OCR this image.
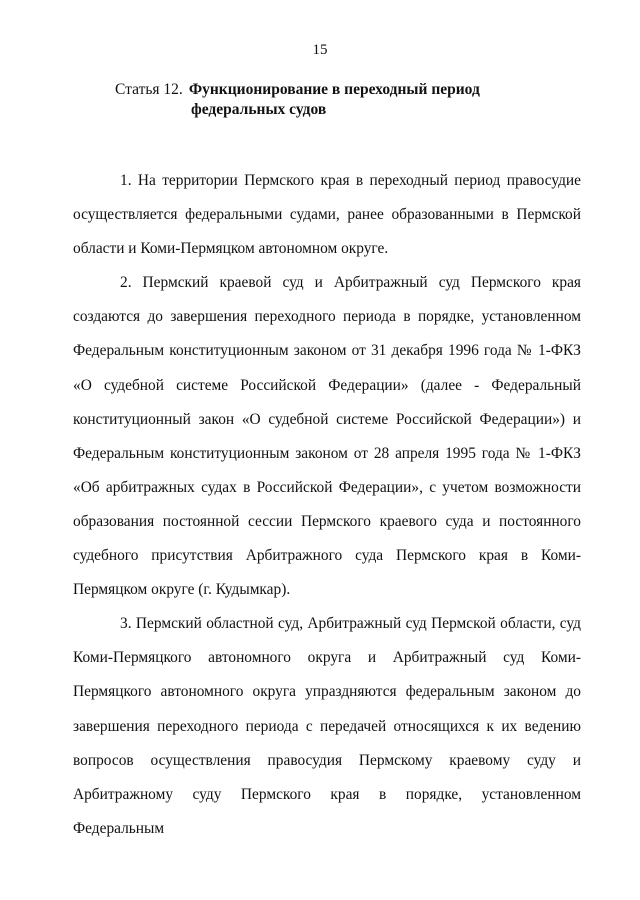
15
Статья 12. Функционирование в переходный период
федеральных судов

1. На территории Пермского края в переходный период правосудие осуществляется федеральными судами, ранее образованными в Пермской области и Коми-Пермяцком автономном округе.

2. Пермский краевой суд и Арбитражный суд Пермского края создаются до завершения переходного периода в порядке, установленном Федеральным конституционным законом от 31 декабря 1996 года № 1-ФКЗ «О судебной системе Российской Федерации» (далее - Федеральный конституционный закон «О судебной системе Российской Федерации») и Федеральным конституционным законом от 28 апреля 1995 года № 1-ФКЗ «Об арбитражных судах в Российской Федерации», с учетом возможности образования постоянной сессии Пермского краевого суда и постоянного судебного присутствия Арбитражного суда Пермского края в Коми-Пермяцком округе (г. Кудымкар).

3. Пермский областной суд, Арбитражный суд Пермской области, суд Коми-Пермяцкого автономного округа и Арбитражный суд Коми-Пермяцкого автономного округа упраздняются федеральным законом до завершения переходного периода с передачей относящихся к их ведению вопросов осуществления правосудия Пермскому краевому суду и Арбитражному суду Пермского края в порядке, установленном Федеральным
